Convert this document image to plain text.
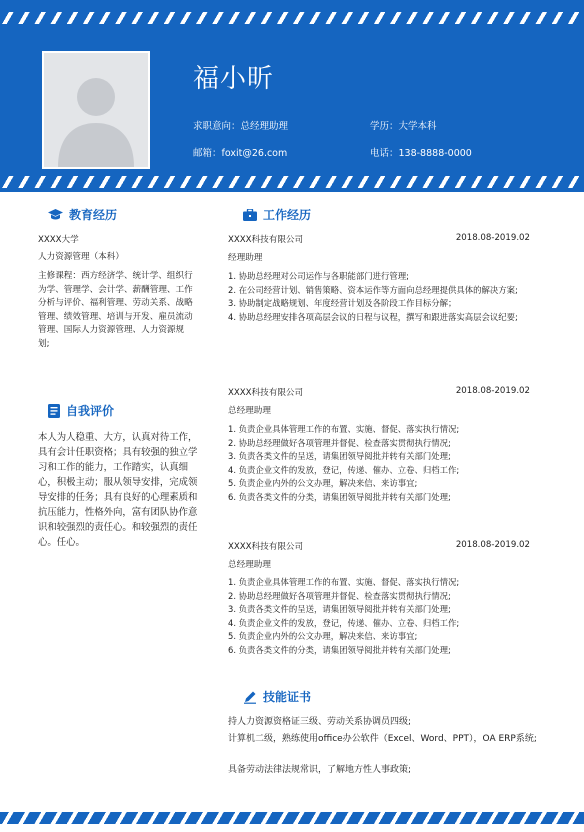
福小昕
求职意向：总经理助理	学历：大学本科
邮箱：foxit@26.com	电话：138-8888-0000
教育经历
XXXX大学
人力资源管理（本科）
主修课程：西方经济学、统计学、组织行为学、管理学、会计学、薪酬管理、工作分析与评价、福利管理、劳动关系、战略管理、绩效管理、培训与开发、雇员流动管理、国际人力资源管理、人力资源规划;
自我评价
本人为人稳重、大方，认真对待工作，具有会计任职资格；具有较强的独立学习和工作的能力，工作踏实，认真细心，积极主动；服从领导安排，完成领导安排的任务；具有良好的心理素质和抗压能力，性格外向，富有团队协作意识和较强烈的责任心。和较强烈的责任心。任心。
工作经历
XXXX科技有限公司	2018.08-2019.02
经理助理
1. 协助总经理对公司运作与各职能部门进行管理;
2. 在公司经营计划、销售策略、资本运作等方面向总经理提供具体的解决方案;
3. 协助制定战略规划、年度经营计划及各阶段工作目标分解；
4. 协助总经理安排各项高层会议的日程与议程，撰写和跟进落实高层会议纪要;
XXXX科技有限公司	2018.08-2019.02
总经理助理
1. 负责企业具体管理工作的布置、实施、督促、落实执行情况;
2. 协助总经理做好各项管理并督促、检查落实贯彻执行情况;
3. 负责各类文件的呈送，请集团领导阅批并转有关部门处理;
4. 负责企业文件的发放，登记，传递、催办、立卷、归档工作;
5. 负责企业内外的公文办理，解决来信、来访事宜;
6. 负责各类文件的分类，请集团领导阅批并转有关部门处理;
XXXX科技有限公司	2018.08-2019.02
总经理助理
1. 负责企业具体管理工作的布置、实施、督促、落实执行情况;
2. 协助总经理做好各项管理并督促、检查落实贯彻执行情况;
3. 负责各类文件的呈送，请集团领导阅批并转有关部门处理;
4. 负责企业文件的发放，登记，传递、催办、立卷、归档工作;
5. 负责企业内外的公文办理，解决来信、来访事宜;
6. 负责各类文件的分类，请集团领导阅批并转有关部门处理;
技能证书
持人力资源资格证三级、劳动关系协调员四级;
计算机二级，熟练使用office办公软件（Excel、Word、PPT），OA ERP系统;
具备劳动法律法规常识，了解地方性人事政策;
